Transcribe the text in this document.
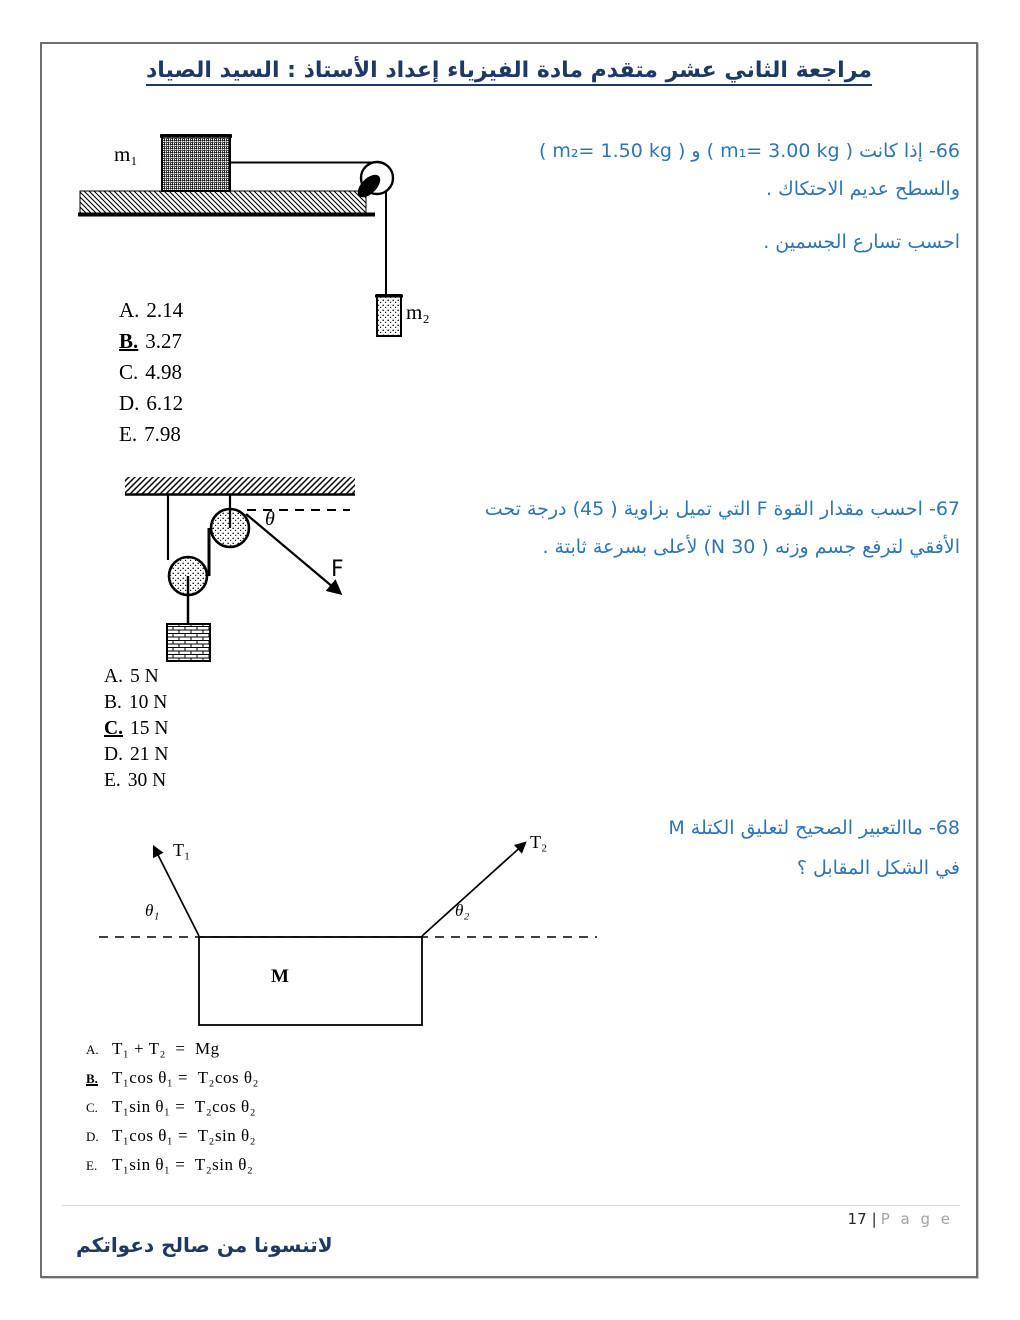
مراجعة الثاني عشر متقدم مادة الفيزياء إعداد الأستاذ : السيد الصياد
66- إذا كانت ( m₁= 3.00 kg ) و ( m₂= 1.50 kg )
والسطح عديم الاحتكاك .
احسب تسارع الجسمين .
m₁
m₂
A. 2.14
B. 3.27
C. 4.98
D. 6.12
E. 7.98
67- احسب مقدار القوة F التي تميل بزاوية ( 45) درجة تحت
الأفقي لترفع جسم وزنه ( 30 N) لأعلى بسرعة ثابتة .
θ
F
A. 5 N
B. 10 N
C. 15 N
D. 21 N
E. 30 N
68- ماالتعبير الصحيح لتعليق الكتلة M
في الشكل المقابل ؟
T₁	T₂
θ₁	θ₂
M
A. T₁ + T₂  =  Mg
B. T₁cos θ₁ =  T₂cos θ₂
C. T₁sin θ₁ =  T₂cos θ₂
D. T₁cos θ₁ =  T₂sin θ₂
E. T₁sin θ₁ =  T₂sin θ₂
17 | P a g e
لاتنسونا من صالح دعواتكم
